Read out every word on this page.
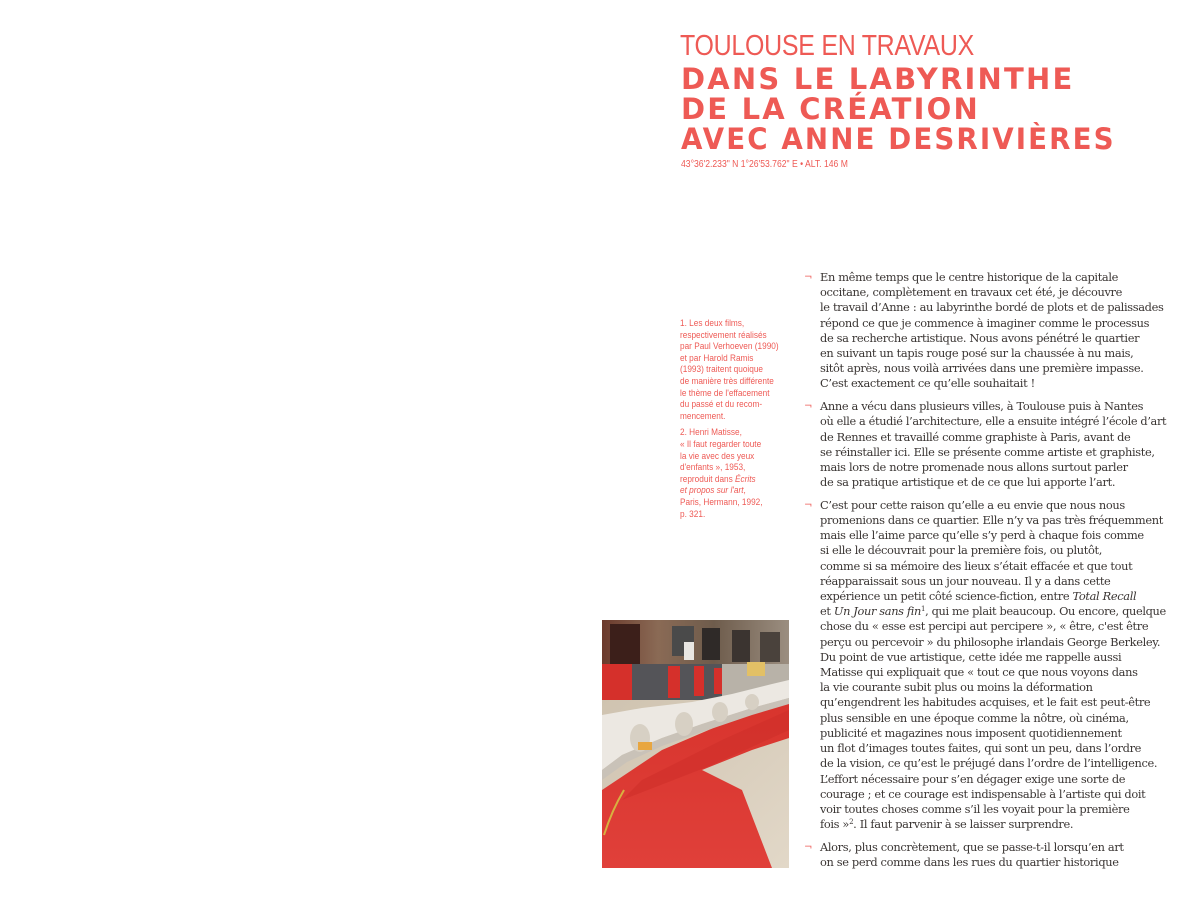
TOULOUSE EN TRAVAUX
DANS LE LABYRINTHE
DE LA CRÉATION
AVEC ANNE DESRIVIÈRES
43°36'2.233" N 1°26'53.762" E • ALT. 146 M

1. Les deux films,
respectivement réalisés
par Paul Verhoeven (1990)
et par Harold Ramis
(1993) traitent quoique
de manière très différente
le thème de l'effacement
du passé et du recom-
mencement.

2. Henri Matisse,
« Il faut regarder toute
la vie avec des yeux
d'enfants », 1953,
reproduit dans Écrits
et propos sur l'art,
Paris, Hermann, 1992,
p. 321.

¬ En même temps que le centre historique de la capitale
occitane, complètement en travaux cet été, je découvre
le travail d’Anne : au labyrinthe bordé de plots et de palissades
répond ce que je commence à imaginer comme le processus
de sa recherche artistique. Nous avons pénétré le quartier
en suivant un tapis rouge posé sur la chaussée à nu mais,
sitôt après, nous voilà arrivées dans une première impasse.
C’est exactement ce qu’elle souhaitait !
¬ Anne a vécu dans plusieurs villes, à Toulouse puis à Nantes
où elle a étudié l’architecture, elle a ensuite intégré l’école d’art
de Rennes et travaillé comme graphiste à Paris, avant de
se réinstaller ici. Elle se présente comme artiste et graphiste,
mais lors de notre promenade nous allons surtout parler
de sa pratique artistique et de ce que lui apporte l’art.
¬ C’est pour cette raison qu’elle a eu envie que nous nous
promenions dans ce quartier. Elle n’y va pas très fréquemment
mais elle l’aime parce qu’elle s’y perd à chaque fois comme
si elle le découvrait pour la première fois, ou plutôt,
comme si sa mémoire des lieux s’était effacée et que tout
réapparaissait sous un jour nouveau. Il y a dans cette
expérience un petit côté science-fiction, entre Total Recall
et Un Jour sans fin$^1$, qui me plait beaucoup. Ou encore, quelque
chose du « esse est percipi aut percipere », « être, c'est être
perçu ou percevoir » du philosophe irlandais George Berkeley.
Du point de vue artistique, cette idée me rappelle aussi
Matisse qui expliquait que « tout ce que nous voyons dans
la vie courante subit plus ou moins la déformation
qu’engendrent les habitudes acquises, et le fait est peut-être
plus sensible en une époque comme la nôtre, où cinéma,
publicité et magazines nous imposent quotidiennement
un flot d’images toutes faites, qui sont un peu, dans l’ordre
de la vision, ce qu’est le préjugé dans l’ordre de l’intelligence.
L’effort nécessaire pour s’en dégager exige une sorte de
courage ; et ce courage est indispensable à l’artiste qui doit
voir toutes choses comme s’il les voyait pour la première
fois »$^2$. Il faut parvenir à se laisser surprendre.
¬ Alors, plus concrètement, que se passe-t-il lorsqu’en art
on se perd comme dans les rues du quartier historique
